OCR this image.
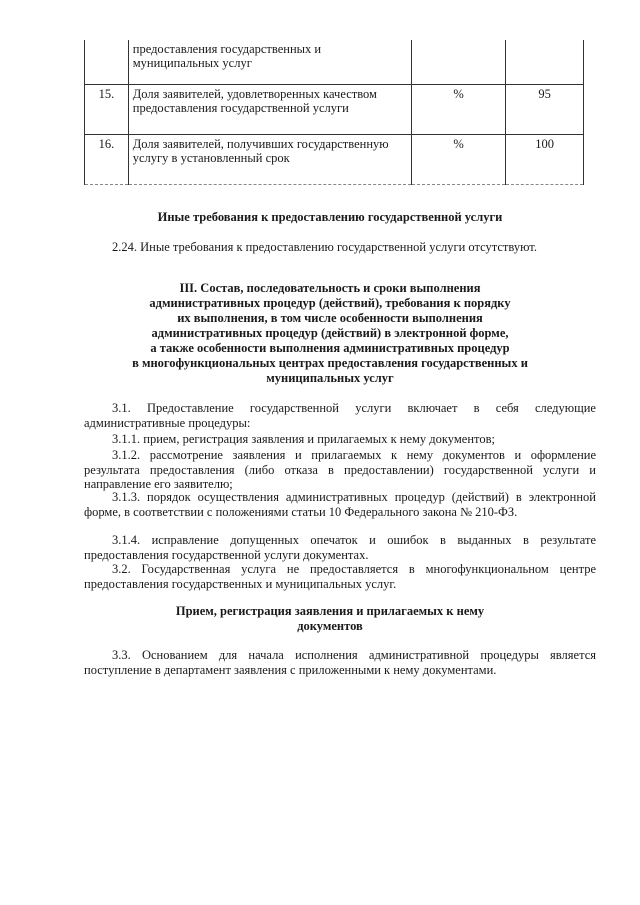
	предоставления государственных и муниципальных услуг		
15.	Доля заявителей, удовлетворенных качеством предоставления государственной услуги	%	95
16.	Доля заявителей, получивших государственную услугу в установленный срок	%	100

Иные требования к предоставлению государственной услуги

2.24. Иные требования к предоставлению государственной услуги отсутствуют.

III. Состав, последовательность и сроки выполнения

административных процедур (действий), требования к порядку

их выполнения, в том числе особенности выполнения

административных процедур (действий) в электронной форме,

а также особенности выполнения административных процедур

в многофункциональных центрах предоставления государственных и

муниципальных услуг

3.1. Предоставление государственной услуги включает в себя следующие административные процедуры:

3.1.1. прием, регистрация заявления и прилагаемых к нему документов;

3.1.2. рассмотрение заявления и прилагаемых к нему документов и оформление результата предоставления (либо отказа в предоставлении) государственной услуги и направление его заявителю;

3.1.3. порядок осуществления административных процедур (действий) в электронной форме, в соответствии с положениями статьи 10 Федерального закона № 210-ФЗ.

3.1.4. исправление допущенных опечаток и ошибок в выданных в результате предоставления государственной услуги документах.

3.2. Государственная услуга не предоставляется в многофункциональном центре предоставления государственных и муниципальных услуг.

Прием, регистрация заявления и прилагаемых к нему

документов

3.3. Основанием для начала исполнения административной процедуры является поступление в департамент заявления с приложенными к нему документами.
